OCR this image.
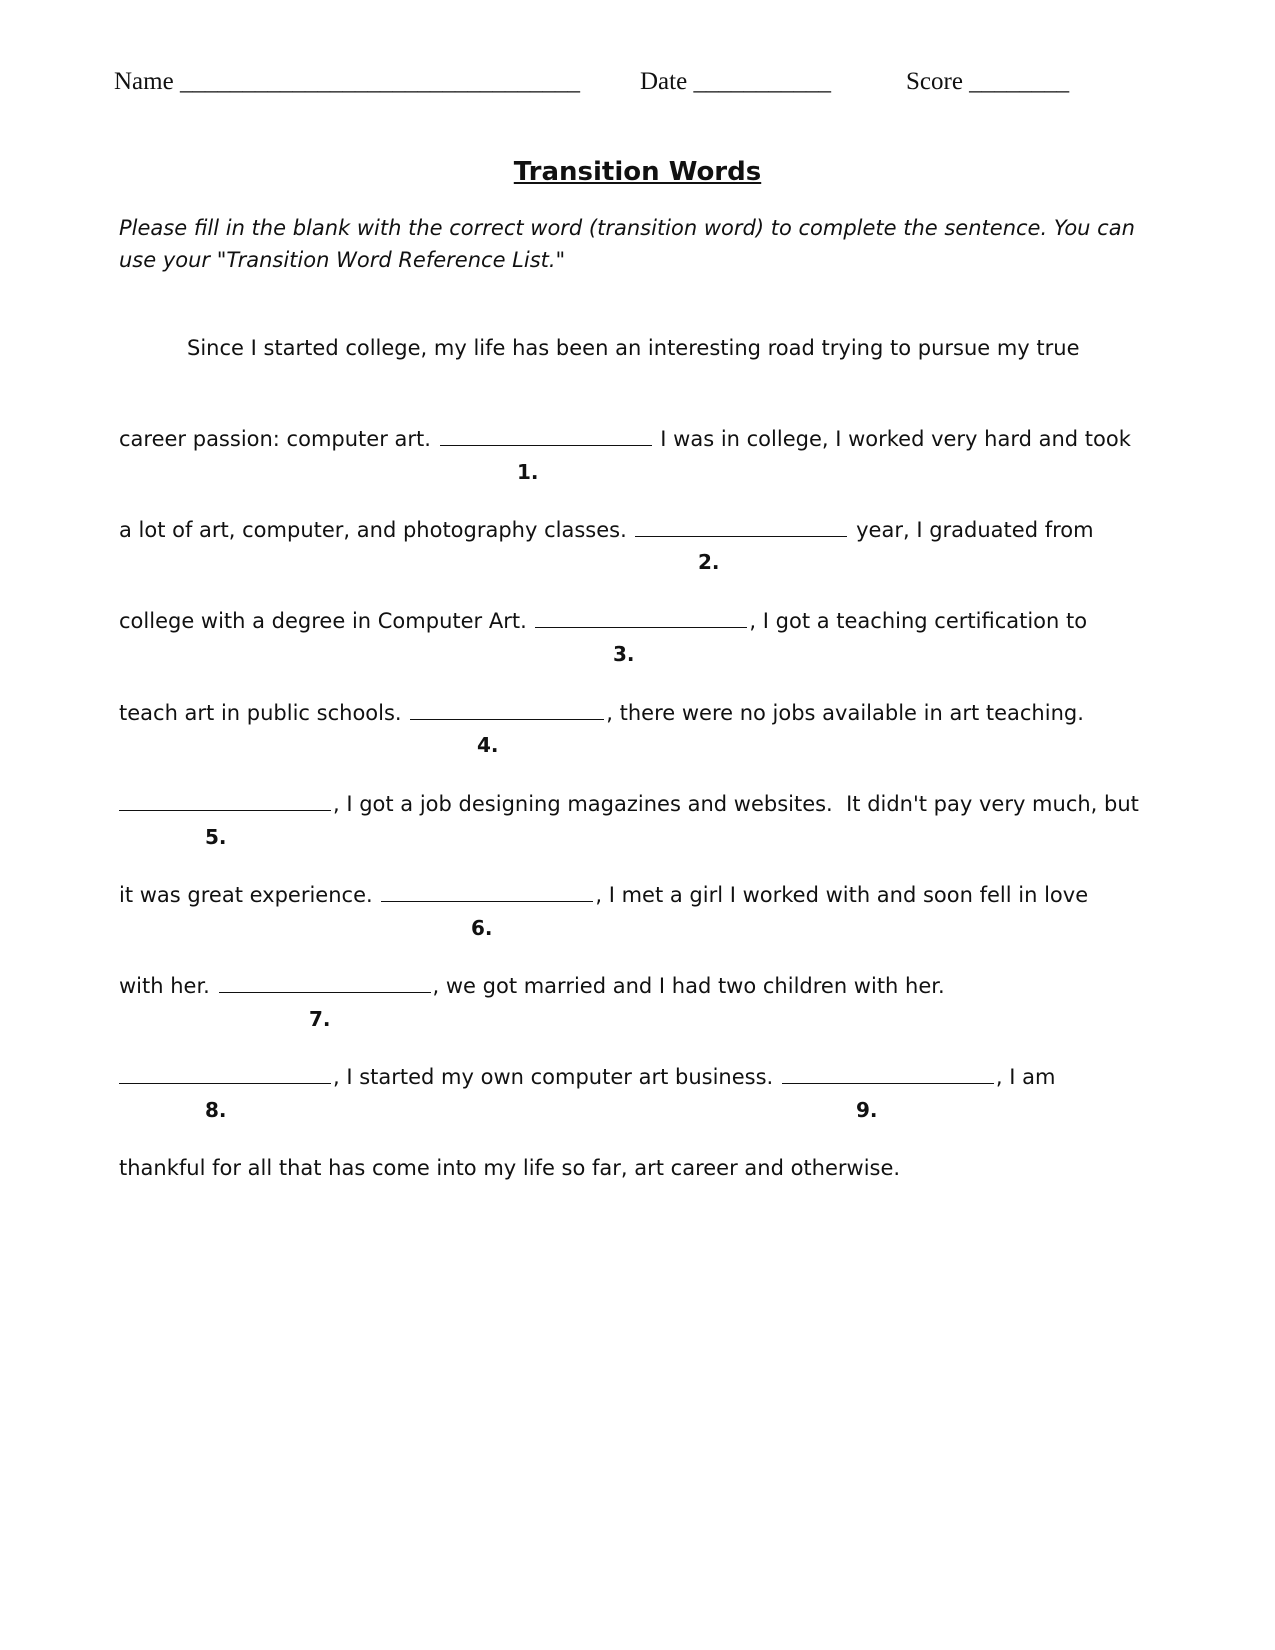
Name ________________________________ Date ___________	Score ________
Transition Words
Please fill in the blank with the correct word (transition word) to complete the sentence. You can use your "Transition Word Reference List."
Since I started college, my life has been an interesting road trying to pursue my true
career passion: computer art.	I was in college, I worked very hard and took
1.
a lot of art, computer, and photography classes.	year, I graduated from
2.
college with a degree in Computer Art.	, I got a teaching certification to
3.
teach art in public schools.	, there were no jobs available in art teaching.
4.
, I got a job designing magazines and websites.  It didn't pay very much, but
5.
it was great experience.	, I met a girl I worked with and soon fell in love
6.
with her.	, we got married and I had two children with her.
7.
, I started my own computer art business.	, I am
8.	9.
thankful for all that has come into my life so far, art career and otherwise.
